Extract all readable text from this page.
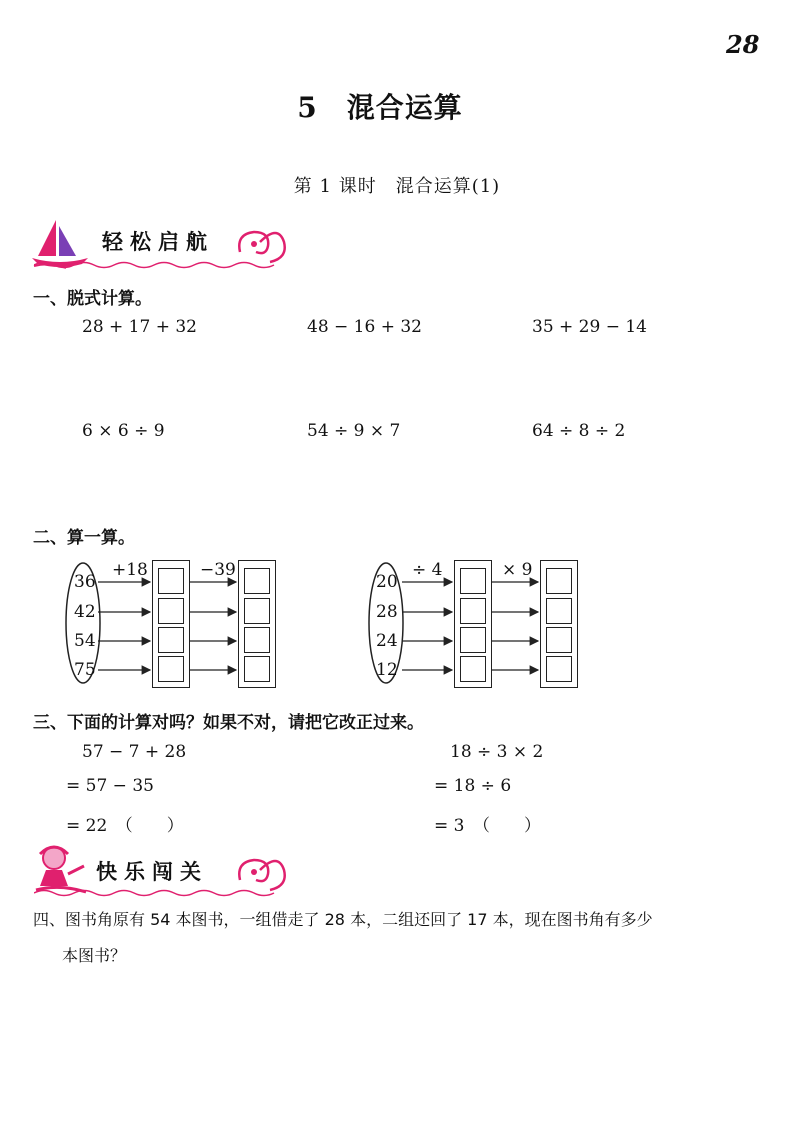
28
5　混合运算
第 1 课时　混合运算(1)
轻松启航
一、脱式计算。
28 + 17 + 32	48 − 16 + 32	35 + 29 − 14
6 × 6 ÷ 9	54 ÷ 9 × 7	64 ÷ 8 ÷ 2
二、算一算。
+18	−39
36
42
54
75
÷ 4	× 9
20
28
24
12
三、下面的计算对吗？如果不对，请把它改正过来。
57 − 7 + 28
= 57 − 35
= 22　（　　）
18 ÷ 3 × 2
= 18 ÷ 6
= 3　（　　）
快乐闯关
四、图书角原有 54 本图书，一组借走了 28 本，二组还回了 17 本，现在图书角有多少
本图书？
